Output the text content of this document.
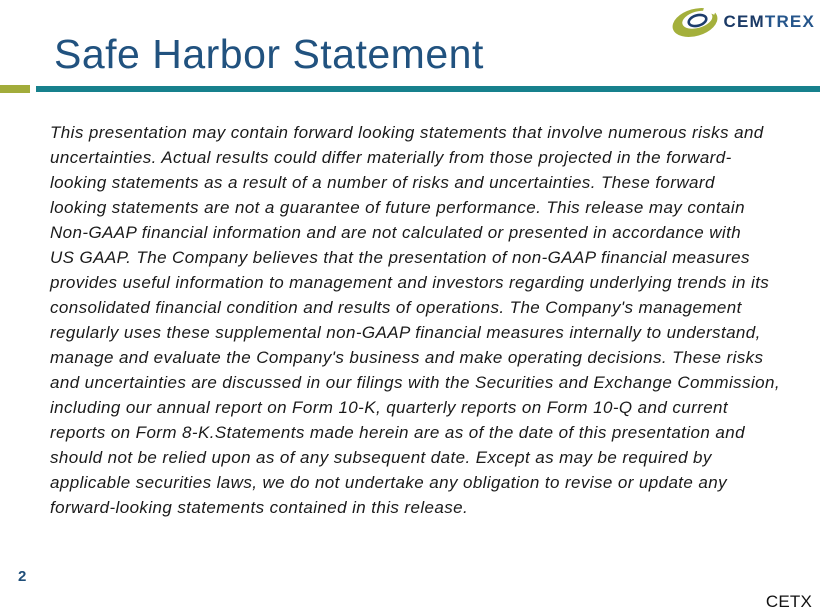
CEMTREX
Safe Harbor Statement
This presentation may contain forward looking statements that involve numerous risks and
uncertainties. Actual results could differ materially from those projected in the forward-
looking statements as a result of a number of risks and uncertainties. These forward
looking statements are not a guarantee of future performance. This release may contain
Non-GAAP financial information and are not calculated or presented in accordance with
US GAAP. The Company believes that the presentation of non-GAAP financial measures
provides useful information to management and investors regarding underlying trends in its
consolidated financial condition and results of operations. The Company's management
regularly uses these supplemental non-GAAP financial measures internally to understand,
manage and evaluate the Company's business and make operating decisions. These risks
and uncertainties are discussed in our filings with the Securities and Exchange Commission,
including our annual report on Form 10-K, quarterly reports on Form 10-Q and current
reports on Form 8-K.Statements made herein are as of the date of this presentation and
should not be relied upon as of any subsequent date. Except as may be required by
applicable securities laws, we do not undertake any obligation to revise or update any
forward-looking statements contained in this release.
2
CETX
